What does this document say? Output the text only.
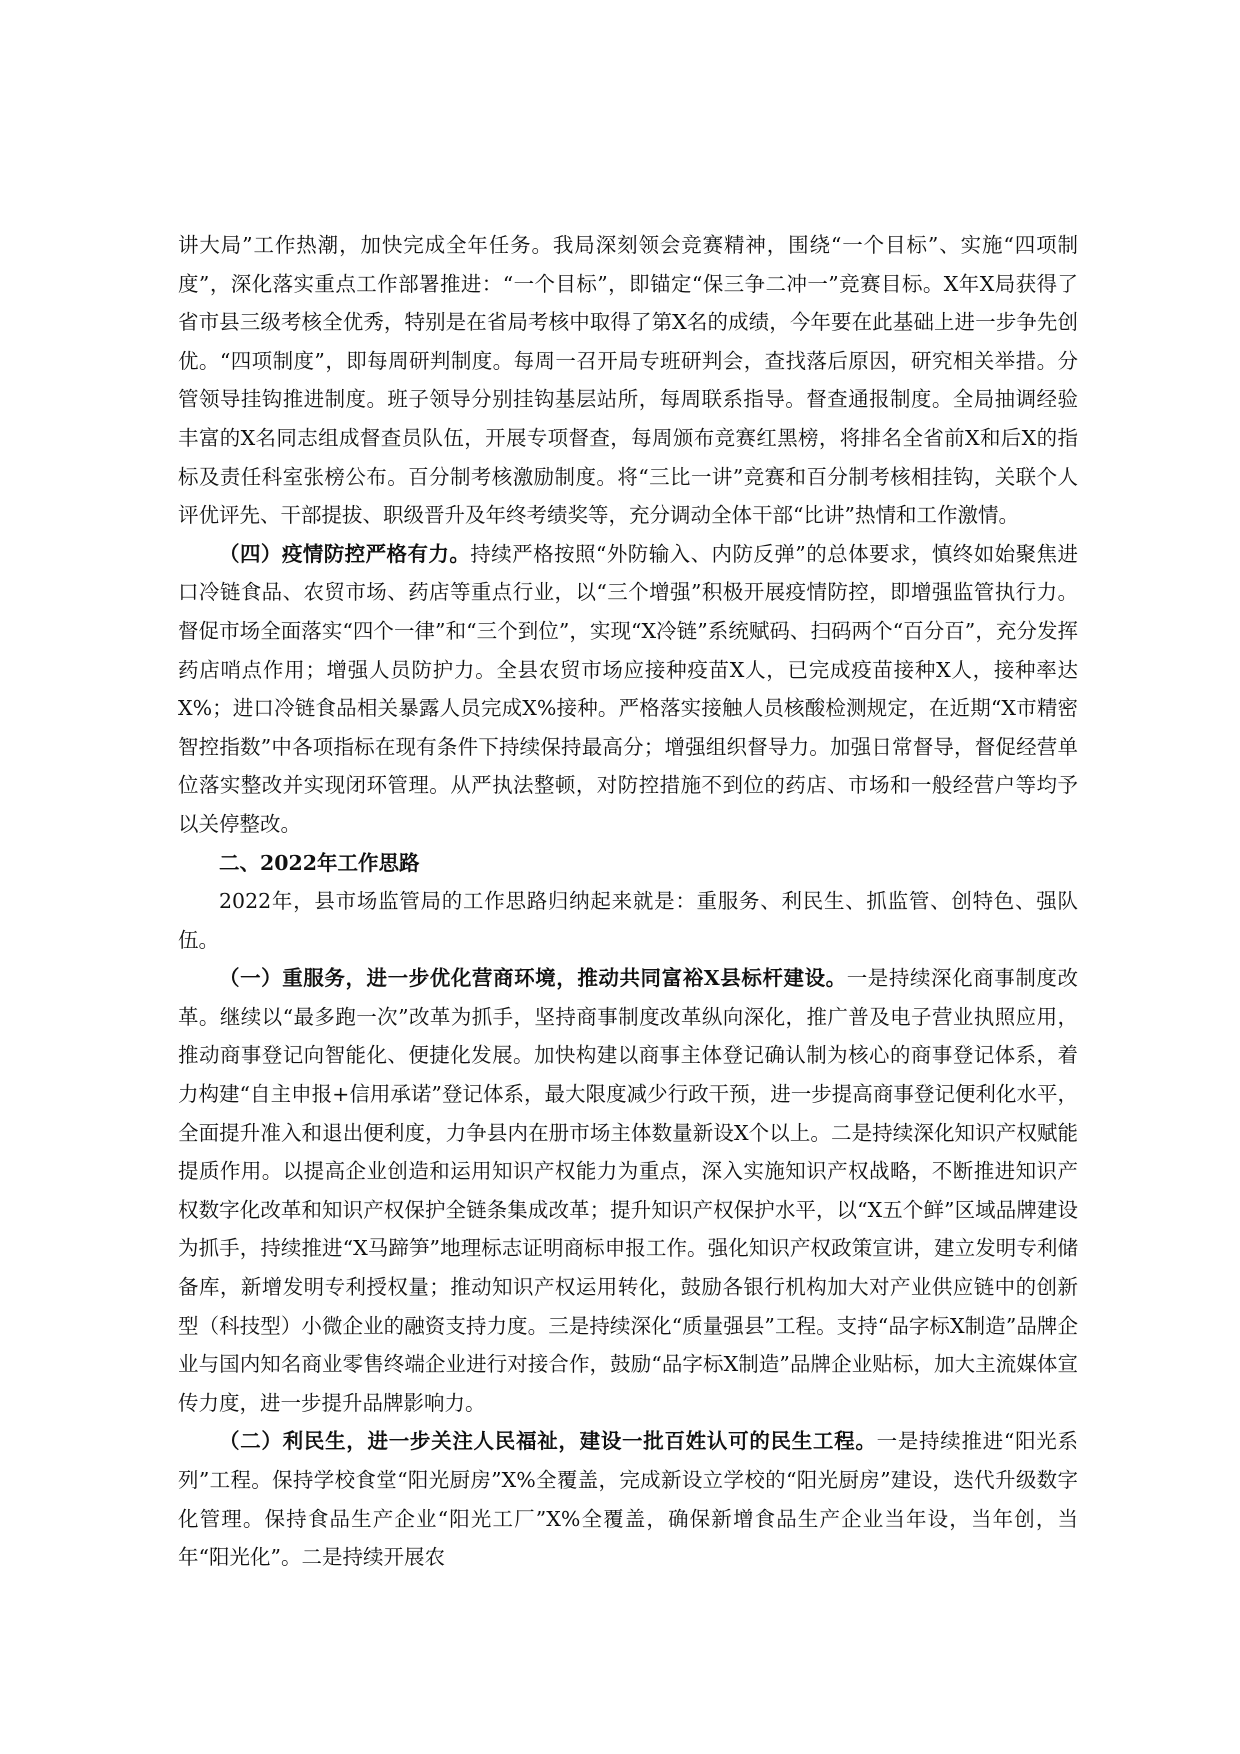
讲大局”工作热潮，加快完成全年任务。我局深刻领会竞赛精神，围绕“一个目标”、实施“四项制度”，深化落实重点工作部署推进：“一个目标”，即锚定“保三争二冲一”竞赛目标。X年X局获得了省市县三级考核全优秀，特别是在省局考核中取得了第X名的成绩，今年要在此基础上进一步争先创优。“四项制度”，即每周研判制度。每周一召开局专班研判会，查找落后原因，研究相关举措。分管领导挂钩推进制度。班子领导分别挂钩基层站所，每周联系指导。督查通报制度。全局抽调经验丰富的X名同志组成督查员队伍，开展专项督查，每周颁布竞赛红黑榜，将排名全省前X和后X的指标及责任科室张榜公布。百分制考核激励制度。将“三比一讲”竞赛和百分制考核相挂钩，关联个人评优评先、干部提拔、职级晋升及年终考绩奖等，充分调动全体干部“比讲”热情和工作激情。

（四）疫情防控严格有力。持续严格按照“外防输入、内防反弹”的总体要求，慎终如始聚焦进口冷链食品、农贸市场、药店等重点行业，以“三个增强”积极开展疫情防控，即增强监管执行力。督促市场全面落实“四个一律”和“三个到位”，实现“X冷链”系统赋码、扫码两个“百分百”，充分发挥药店哨点作用；增强人员防护力。全县农贸市场应接种疫苗X人，已完成疫苗接种X人，接种率达X%；进口冷链食品相关暴露人员完成X%接种。严格落实接触人员核酸检测规定，在近期“X市精密智控指数”中各项指标在现有条件下持续保持最高分；增强组织督导力。加强日常督导，督促经营单位落实整改并实现闭环管理。从严执法整顿，对防控措施不到位的药店、市场和一般经营户等均予以关停整改。

二、2022年工作思路

2022年，县市场监管局的工作思路归纳起来就是：重服务、利民生、抓监管、创特色、强队伍。

（一）重服务，进一步优化营商环境，推动共同富裕X县标杆建设。一是持续深化商事制度改革。继续以“最多跑一次”改革为抓手，坚持商事制度改革纵向深化，推广普及电子营业执照应用，推动商事登记向智能化、便捷化发展。加快构建以商事主体登记确认制为核心的商事登记体系，着力构建“自主申报+信用承诺”登记体系，最大限度减少行政干预，进一步提高商事登记便利化水平，全面提升准入和退出便利度，力争县内在册市场主体数量新设X个以上。二是持续深化知识产权赋能提质作用。以提高企业创造和运用知识产权能力为重点，深入实施知识产权战略，不断推进知识产权数字化改革和知识产权保护全链条集成改革；提升知识产权保护水平，以“X五个鲜”区域品牌建设为抓手，持续推进“X马蹄笋”地理标志证明商标申报工作。强化知识产权政策宣讲，建立发明专利储备库，新增发明专利授权量；推动知识产权运用转化，鼓励各银行机构加大对产业供应链中的创新型（科技型）小微企业的融资支持力度。三是持续深化“质量强县”工程。支持“品字标X制造”品牌企业与国内知名商业零售终端企业进行对接合作，鼓励“品字标X制造”品牌企业贴标，加大主流媒体宣传力度，进一步提升品牌影响力。

（二）利民生，进一步关注人民福祉，建设一批百姓认可的民生工程。一是持续推进“阳光系列”工程。保持学校食堂“阳光厨房”X%全覆盖，完成新设立学校的“阳光厨房”建设，迭代升级数字化管理。保持食品生产企业“阳光工厂”X%全覆盖，确保新增食品生产企业当年设，当年创，当年“阳光化”。二是持续开展农
